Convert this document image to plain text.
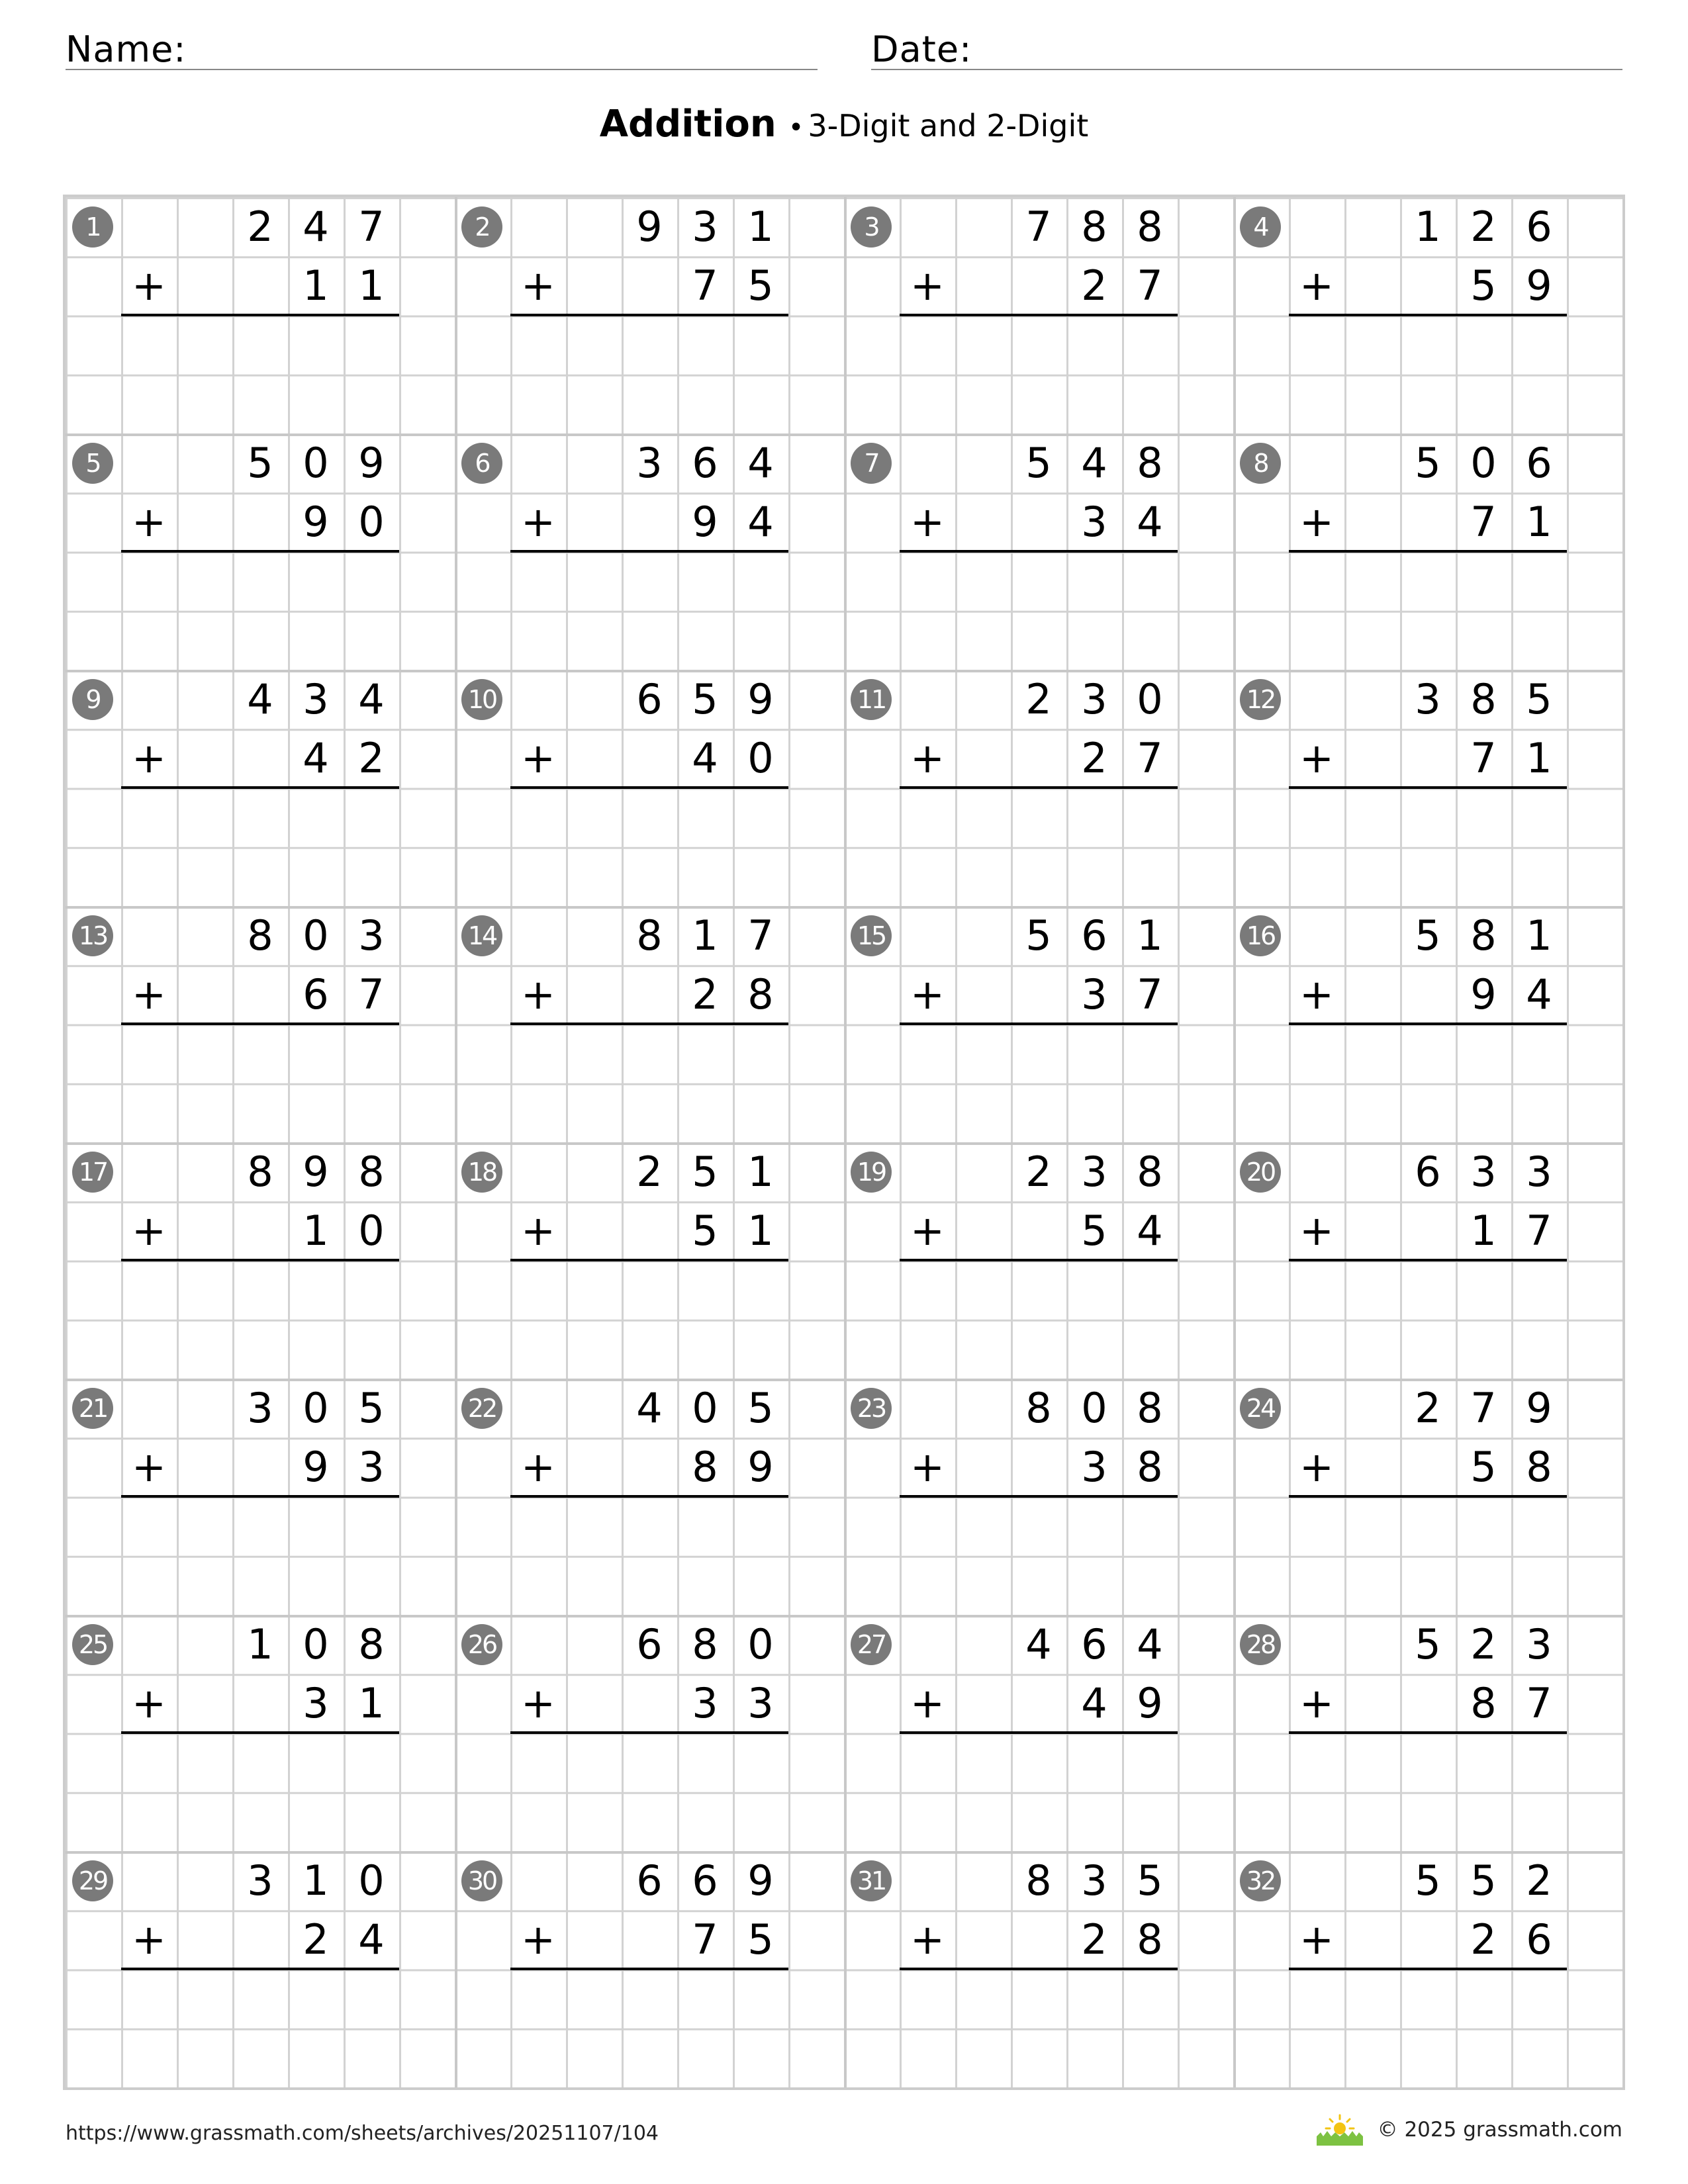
Name:	Date:
Addition • 3-Digit and 2-Digit
1	2 4 7
+	1 1
2	9 3 1
+	7 5
3	7 8 8
+	2 7
4	1 2 6
+	5 9
5	5 0 9
+	9 0
6	3 6 4
+	9 4
7	5 4 8
+	3 4
8	5 0 6
+	7 1
9	4 3 4
+	4 2
10	6 5 9
+	4 0
11	2 3 0
+	2 7
12	3 8 5
+	7 1
13	8 0 3
+	6 7
14	8 1 7
+	2 8
15	5 6 1
+	3 7
16	5 8 1
+	9 4
17	8 9 8
+	1 0
18	2 5 1
+	5 1
19	2 3 8
+	5 4
20	6 3 3
+	1 7
21	3 0 5
+	9 3
22	4 0 5
+	8 9
23	8 0 8
+	3 8
24	2 7 9
+	5 8
25	1 0 8
+	3 1
26	6 8 0
+	3 3
27	4 6 4
+	4 9
28	5 2 3
+	8 7
29	3 1 0
+	2 4
30	6 6 9
+	7 5
31	8 3 5
+	2 8
32	5 5 2
+	2 6
https://www.grassmath.com/sheets/archives/20251107/104	© 2025 grassmath.com
